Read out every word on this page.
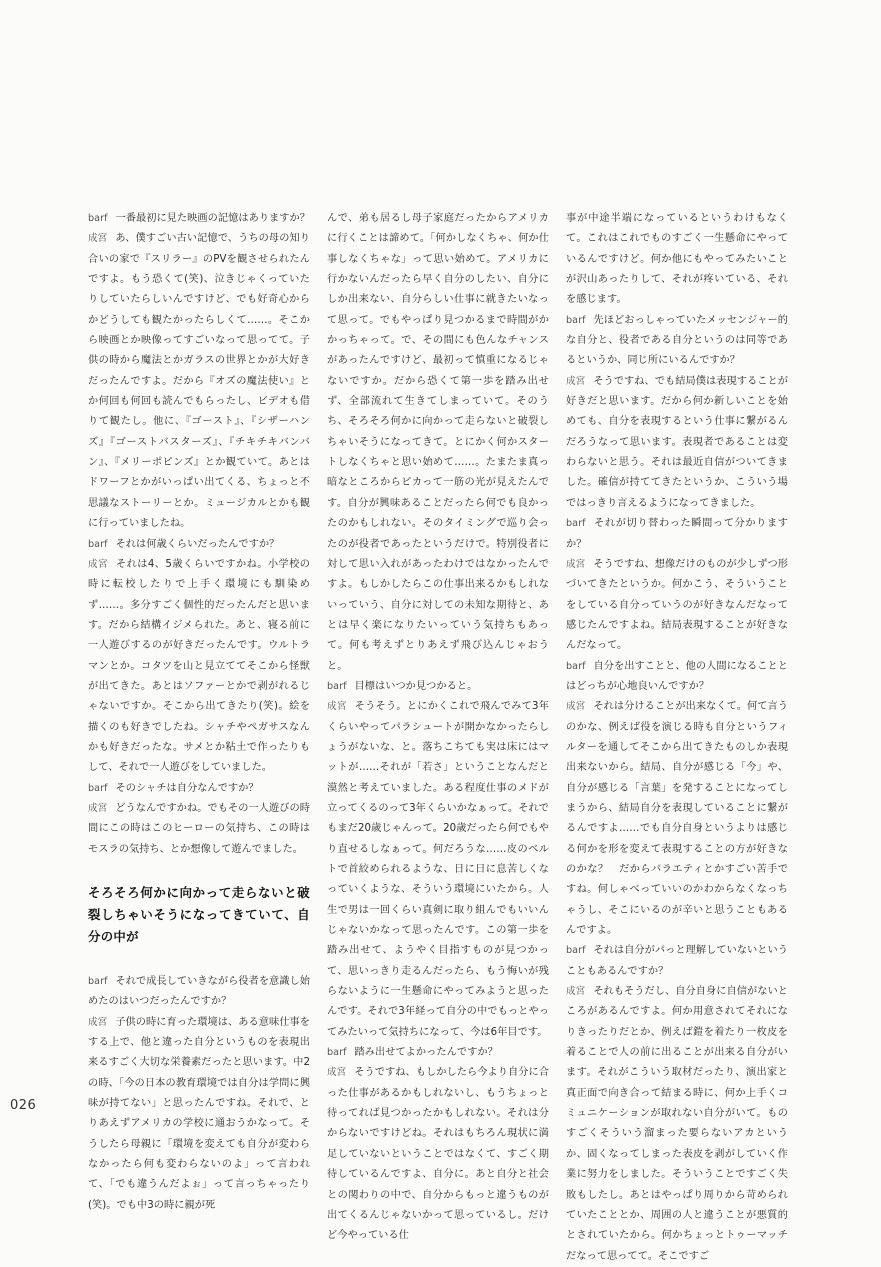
barf 一番最初に見た映画の記憶はありますか？

成宮 あ、僕すごい古い記憶で、うちの母の知り合いの家で『スリラー』のPVを観させられたんですよ。もう恐くて(笑)、泣きじゃくっていたりしていたらしいんですけど、でも好奇心からかどうしても観たかったらしくて……。そこから映画とか映像ってすごいなって思ってて。子供の時から魔法とかガラスの世界とかが大好きだったんですよ。だから『オズの魔法使い』とか何回も何回も読んでもらったし、ビデオも借りて観たし。他に、『ゴースト』、『シザーハンズ』『ゴーストバスターズ』、『チキチキバンバン』、『メリーポピンズ』とか観ていて。あとはドワーフとかがいっぱい出てくる、ちょっと不思議なストーリーとか。ミュージカルとかも観に行っていましたね。

barf それは何歳くらいだったんですか？

成宮 それは4、5歳くらいですかね。小学校の時に転校したりで上手く環境にも馴染めず……。多分すごく個性的だったんだと思います。だから結構イジメられた。あと、寝る前に一人遊びするのが好きだったんです。ウルトラマンとか。コタツを山と見立ててそこから怪獣が出てきた。あとはソファーとかで剥がれるじゃないですか。そこから出てきたり(笑)。絵を描くのも好きでしたね。シャチやペガサスなんかも好きだったな。サメとか粘土で作ったりもして、それで一人遊びをしていました。

barf そのシャチは自分なんですか？

成宮 どうなんですかね。でもその一人遊びの時間にこの時はこのヒーローの気持ち、この時はモスラの気持ち、とか想像して遊んでました。

そろそろ何かに向かって走らないと破裂しちゃいそうになってきていて、自分の中が

barf それで成長していきながら役者を意識し始めたのはいつだったんですか？

成宮 子供の時に育った環境は、ある意味仕事をする上で、他と違った自分というものを表現出来るすごく大切な栄養素だったと思います。中2の時、「今の日本の教育環境では自分は学問に興味が持てない」と思ったんですね。それで、とりあえずアメリカの学校に通おうかなって。そうしたら母親に「環境を変えても自分が変わらなかったら何も変わらないのよ」って言われて、「でも違うんだよぉ」って言っちゃったり(笑)。でも中3の時に親が死

んで、弟も居るし母子家庭だったからアメリカに行くことは諦めて。「何かしなくちゃ、何か仕事しなくちゃな」って思い始めて。アメリカに行かないんだったら早く自分のしたい、自分にしか出来ない、自分らしい仕事に就きたいなって思って。でもやっぱり見つかるまで時間がかかっちゃって。で、その間にも色んなチャンスがあったんですけど、最初って慎重になるじゃないですか。だから恐くて第一歩を踏み出せず、全部流れて生きてしまっていて。そのうち、そろそろ何かに向かって走らないと破裂しちゃいそうになってきて。とにかく何かスタートしなくちゃと思い始めて……。たまたま真っ暗なところからピカって一筋の光が見えたんです。自分が興味あることだったら何でも良かったのかもしれない。そのタイミングで巡り会ったのが役者であったというだけで。特別役者に対して思い入れがあったわけではなかったんですよ。もしかしたらこの仕事出来るかもしれないっていう、自分に対しての未知な期待と、あとは早く楽になりたいっていう気持ちもあって。何も考えずとりあえず飛び込んじゃおうと。

barf 目標はいつか見つかると。

成宮 そうそう。とにかくこれで飛んでみて3年くらいやってパラシュートが開かなかったらしょうがないな、と。落ちこちても実は床にはマットが……それが「若さ」ということなんだと漠然と考えていました。ある程度仕事のメドが立ってくるのって3年くらいかなぁって。それでもまだ20歳じゃんって。20歳だったら何でもやり直せるしなぁって。何だろうな……皮のベルトで首絞められるような、日に日に息苦しくなっていくような、そういう環境にいたから。人生で男は一回くらい真剣に取り組んでもいいんじゃないかなって思ったんです。この第一歩を踏み出せて、ようやく目指すものが見つかって、思いっきり走るんだったら、もう悔いが残らないように一生懸命にやってみようと思ったんです。それで3年経って自分の中でもっとやってみたいって気持ちになって、今は6年目です。

barf 踏み出せてよかったんですか？

成宮 そうですね、もしかしたら今より自分に合った仕事があるかもしれないし、もうちょっと待ってれば見つかったかもしれない。それは分からないですけどね。それはもちろん現状に満足していないということではなくて、すごく期待しているんですよ、自分に。あと自分と社会との関わりの中で、自分からもっと違うものが出てくるんじゃないかって思っているし。だけど今やっている仕

事が中途半端になっているというわけもなくて。これはこれでものすごく一生懸命にやっているんですけど。何か他にもやってみたいことが沢山あったりして、それが疼いている、それを感じます。

barf 先ほどおっしゃっていたメッセンジャー的な自分と、役者である自分というのは同等であるというか、同じ所にいるんですか？

成宮 そうですね、でも結局僕は表現することが好きだと思います。だから何か新しいことを始めても、自分を表現するという仕事に繋がるんだろうなって思います。表現者であることは変わらないと思う。それは最近自信がついてきました。確信が持ててきたというか、こういう場ではっきり言えるようになってきました。

barf それが切り替わった瞬間って分かりますか？

成宮 そうですね、想像だけのものが少しずつ形づいてきたというか。何かこう、そういうことをしている自分っていうのが好きなんだなって感じたんですよね。結局表現することが好きなんだなって。

barf 自分を出すことと、他の人間になることとはどっちが心地良いんですか？

成宮 それは分けることが出来なくて。何て言うのかな、例えば役を演じる時も自分というフィルターを通してそこから出てきたものしか表現出来ないから。結局、自分が感じる「今」や、自分が感じる「言葉」を発することになってしまうから、結局自分を表現していることに繋がるんですよ……でも自分自身というよりは感じる何かを形を変えて表現することの方が好きなのかな？　だからバラエティとかすごい苦手ですね。何しゃべっていいのかわからなくなっちゃうし、そこにいるのが辛いと思うこともあるんですよ。

barf それは自分がパっと理解していないということもあるんですか？

成宮 それもそうだし、自分自身に自信がないところがあるんですよ。何か用意されてそれになりきったりだとか、例えば鎧を着たり一枚皮を着ることで人の前に出ることが出来る自分がいます。それがこういう取材だったり、演出家と真正面で向き合って結まる時に、何か上手くコミュニケーションが取れない自分がいて。ものすごくそういう溜まった要らないアカというか、固くなってしまった表皮を剥がしていく作業に努力をしました。そういうことですごく失敗もしたし。あとはやっぱり周りから苛められていたこととか、周囲の人と違うことが悪質的とされていたから。何かちょっとトゥーマッチだなって思ってて。そこですご

026
